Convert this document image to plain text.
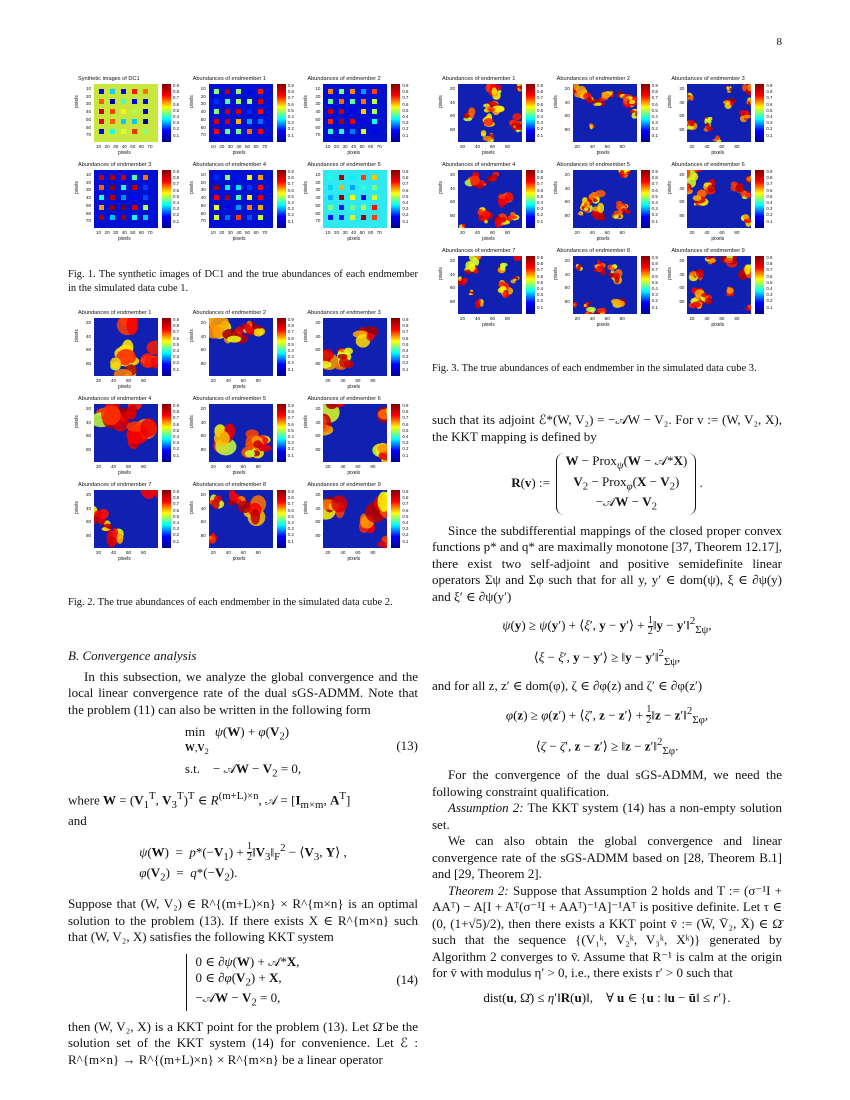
8
Synthetic images of DC1
10
20
30
40
50
60
70
10 20 30 40 50 60 70
pixels
pixels
0.9
0.8
0.7
0.6
0.5
0.4
0.3
0.2
0.1
Abundances of endmember 1
10
20
30
40
50
60
70
10 20 30 40 50 60 70
pixels
pixels
0.9
0.8
0.7
0.6
0.5
0.4
0.3
0.2
0.1
Abundances of endmember 2
10
20
30
40
50
60
70
10 20 30 40 50 60 70
pixels
pixels
0.9
0.8
0.7
0.6
0.5
0.4
0.3
0.2
0.1
Abundances of endmember 3
10
20
30
40
50
60
70
10 20 30 40 50 60 70
pixels
pixels
0.9
0.8
0.7
0.6
0.5
0.4
0.3
0.2
0.1
Abundances of endmember 4
10
20
30
40
50
60
70
10 20 30 40 50 60 70
pixels
pixels
0.9
0.8
0.7
0.6
0.5
0.4
0.3
0.2
0.1
Abundances of endmember 5
10
20
30
40
50
60
70
10 20 30 40 50 60 70
pixels
pixels
0.9
0.8
0.7
0.6
0.5
0.4
0.3
0.2
0.1
Fig. 1. The synthetic images of DC1 and the true abundances of each endmember in the simulated data cube 1.
Abundances of endmember 1
20
40
60
80
20 40 60 80
pixels
pixels
0.9
0.8
0.7
0.6
0.5
0.4
0.3
0.2
0.1
Abundances of endmember 2
20
40
60
80
20 40 60 80
pixels
pixels
0.9
0.8
0.7
0.6
0.5
0.4
0.3
0.2
0.1
Abundances of endmember 3
20
40
60
80
20 40 60 80
pixels
pixels
0.9
0.8
0.7
0.6
0.5
0.4
0.3
0.2
0.1
Abundances of endmember 4
20
40
60
80
20 40 60 80
pixels
pixels
0.9
0.8
0.7
0.6
0.5
0.4
0.3
0.2
0.1
Abundances of endmember 5
20
40
60
80
20 40 60 80
pixels
pixels
0.9
0.8
0.7
0.6
0.5
0.4
0.3
0.2
0.1
Abundances of endmember 6
20
40
60
80
20 40 60 80
pixels
pixels
0.9
0.8
0.7
0.6
0.5
0.4
0.3
0.2
0.1
Abundances of endmember 7
20
40
60
80
20 40 60 80
pixels
pixels
0.9
0.8
0.7
0.6
0.5
0.4
0.3
0.2
0.1
Abundances of endmember 8
20
40
60
80
20 40 60 80
pixels
pixels
0.9
0.8
0.7
0.6
0.5
0.4
0.3
0.2
0.1
Abundances of endmember 9
20
40
60
80
20 40 60 80
pixels
pixels
0.9
0.8
0.7
0.6
0.5
0.4
0.3
0.2
0.1
Fig. 2. The true abundances of each endmember in the simulated data cube 2.
Abundances of endmember 1
20
40
60
80
20 40 60 80
pixels
pixels
0.9
0.8
0.7
0.6
0.5
0.4
0.3
0.2
0.1
Abundances of endmember 2
20
40
60
80
20 40 60 80
pixels
pixels
0.9
0.8
0.7
0.6
0.5
0.4
0.3
0.2
0.1
Abundances of endmember 3
20
40
60
80
20 40 60 80
pixels
pixels
0.9
0.8
0.7
0.6
0.5
0.4
0.3
0.2
0.1
Abundances of endmember 4
20
40
60
80
20 40 60 80
pixels
pixels
0.9
0.8
0.7
0.6
0.5
0.4
0.3
0.2
0.1
Abundances of endmember 5
20
40
60
80
20 40 60 80
pixels
pixels
0.9
0.8
0.7
0.6
0.5
0.4
0.3
0.2
0.1
Abundances of endmember 6
20
40
60
80
20 40 60 80
pixels
pixels
0.9
0.8
0.7
0.6
0.5
0.4
0.3
0.2
0.1
Abundances of endmember 7
20
40
60
80
20 40 60 80
pixels
pixels
0.9
0.8
0.7
0.6
0.5
0.4
0.3
0.2
0.1
Abundances of endmember 8
20
40
60
80
20 40 60 80
pixels
pixels
0.9
0.8
0.7
0.6
0.5
0.4
0.3
0.2
0.1
Abundances of endmember 9
20
40
60
80
20 40 60 80
pixels
pixels
0.9
0.8
0.7
0.6
0.5
0.4
0.3
0.2
0.1
Fig. 3. The true abundances of each endmember in the simulated data cube 3.

B. Convergence analysis

In this subsection, we analyze the global convergence and the local linear convergence rate of the dual sGS-ADMM. Note that the problem (11) can also be written in the following form

$\min \psi(W) + \varphi(V_2)$
$W,V_2$
s.t.    − 𝒜W − $V_2 = 0$,
(13)

where $W = (V_1^T$, $V_3^T)^T$ ∈ $R^{(m+L)\times n}$, 𝒜 = [$I_{m\times m}$, $A^T$]

and

$\psi(W) = p*(-V_1) + \frac{1}{2}$ $‖V_3‖_F^2$ − $⟨V_3$, Y⟩ ,
$\varphi(V_2) = q*(-V_2)$.

Suppose that (W, V₂) ∈ R^{(m+L)×n} × R^{m×n} is an optimal solution to the problem (13). If there exists X ∈ R^{m×n} such that (W, V₂, X) satisfies the following KKT system

0 ∈ ∂ψ(W) + 𝒜*X,
0 ∈ $\partial\varphi(V_2) + X$,
−𝒜W − $V_2 = 0$,
(14)

then (W, V₂, X) is a KKT point for the problem (13). Let Ω̄ be the solution set of the KKT system (14) for convenience. Let ℰ : R^{m×n} → R^{(m+L)×n} × R^{m×n} be a linear operator

such that its adjoint ℰ*(W, V₂) = −𝒜W − V₂. For v := (W, V₂, X), the KKT mapping is defined by

R(v) :=  W − Prox$_\psi$(W − 𝒜*X)
$V_2$ − Prox$_\varphi$(X − $V_2$)
−𝒜W − $V_2$ .

Since the subdifferential mappings of the closed proper convex functions p* and q* are maximally monotone [37, Theorem 12.17], there exist two self-adjoint and positive semidefinite linear operators Σψ and Σφ such that for all y, y′ ∈ dom(ψ), ξ ∈ ∂ψ(y) and ξ′ ∈ ∂ψ(y′)

ψ(y) ≥ ψ(y′) + ⟨ξ′, y − y′⟩ + $\frac{1}{2}$ ‖y − y′‖$^2_{\Sigma\psi}$,
⟨ξ − ξ′, y − y′⟩ ≥ ‖y − y′‖$^2_{\Sigma\psi}$,

and for all z, z′ ∈ dom(φ), ζ ∈ ∂φ(z) and ζ′ ∈ ∂φ(z′)

φ(z) ≥ φ(z′) + ⟨ζ′, z − z′⟩ + $\frac{1}{2}$ ‖z − z′‖$^2_{\Sigma\varphi}$,
⟨ζ − ζ′, z − z′⟩ ≥ ‖z − z′‖$^2_{\Sigma\varphi}$.

For the convergence of the dual sGS-ADMM, we need the following constraint qualification.

Assumption 2: The KKT system (14) has a non-empty solution set.

We can also obtain the global convergence and linear convergence rate of the sGS-ADMM based on [28, Theorem B.1] and [29, Theorem 2].

Theorem 2: Suppose that Assumption 2 holds and T := (σ⁻¹I + AAᵀ) − A[I + Aᵀ(σ⁻¹I + AAᵀ)⁻¹A]⁻¹Aᵀ is positive definite. Let τ ∈ (0, (1+√5)/2), then there exists a KKT point v̄ := (W̄, V̄₂, X̄) ∈ Ω̄ such that the sequence {(V₁ᵏ, V₂ᵏ, V₃ᵏ, Xᵏ)} generated by Algorithm 2 converges to v̄. Assume that R⁻¹ is calm at the origin for v̄ with modulus η′ > 0, i.e., there exists r′ > 0 such that

dist(u, Ω̄) ≤ η′‖R(u)‖,    ∀ u ∈ {u : ‖u − ū‖ ≤ r′}.
